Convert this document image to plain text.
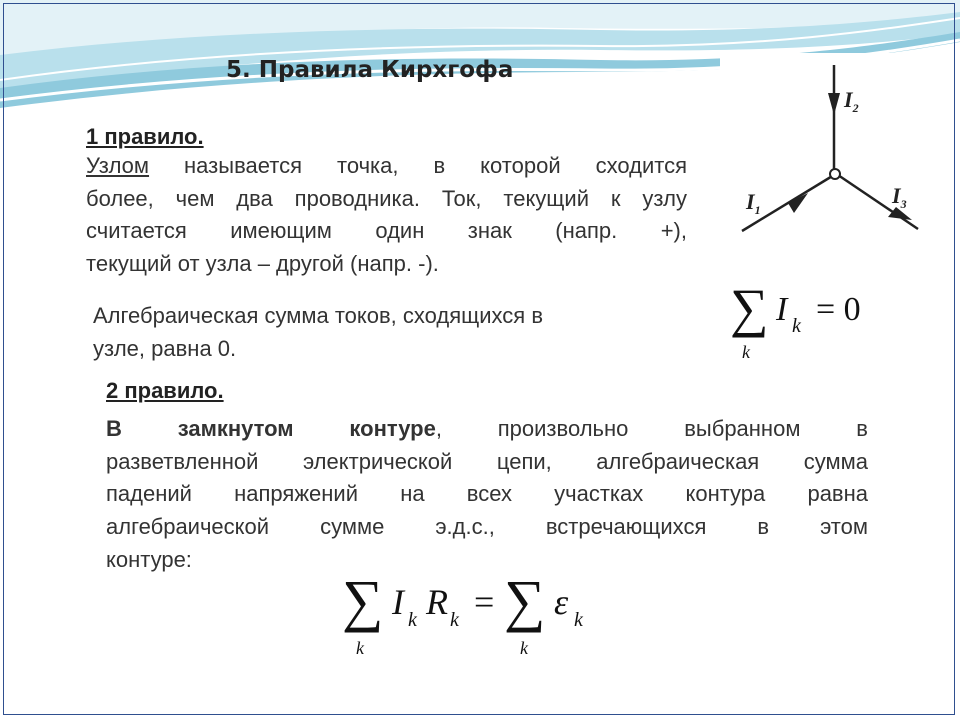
5. Правила Кирхгофа
$I_2$
$I_1$
$I_3$
1 правило.
Узлом называется точка, в которой сходится
более, чем два проводника. Ток, текущий к узлу
считается имеющим один знак (напр. +),
текущий от узла – другой (напр. -).
Алгебраическая сумма токов, сходящихся в
узле, равна 0.
∑
k
I k = 0
2 правило.
В	замкнутом	контуре, произвольно выбранном в
разветвленной электрической цепи, алгебраическая сумма
падений напряжений на всех участках контура равна
алгебраической сумме э.д.с., встречающихся в этом
контуре:
∑
k
I k R k = ∑
k
ε k
